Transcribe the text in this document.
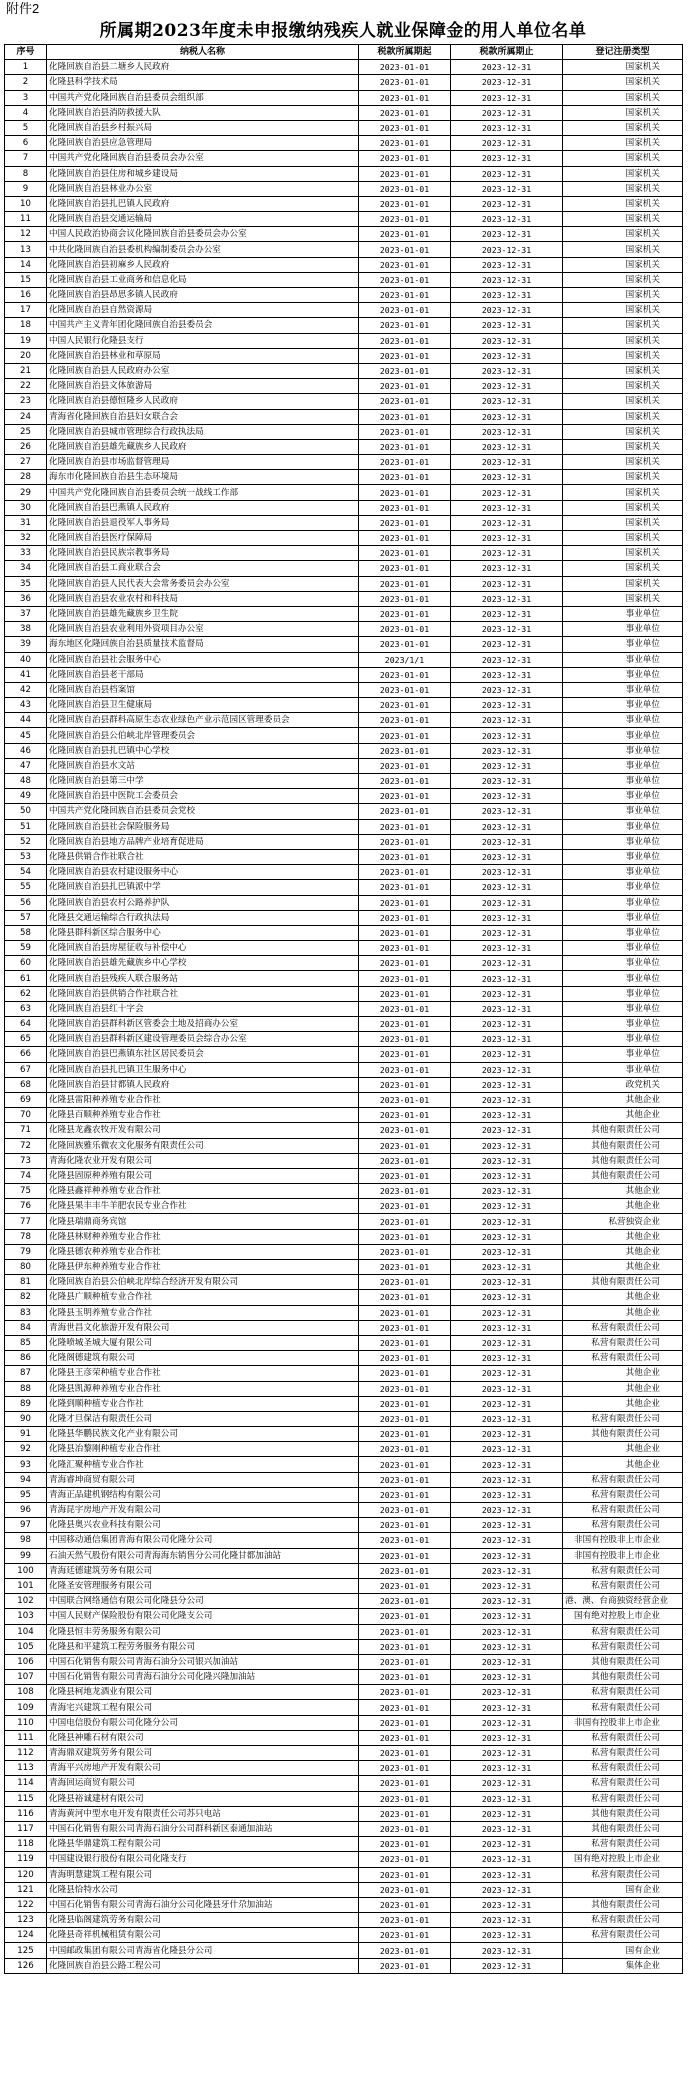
附件2
所属期2023年度未申报缴纳残疾人就业保障金的用人单位名单
序号	纳税人名称	税款所属期起	税款所属期止	登记注册类型
1	化隆回族自治县二塘乡人民政府	2023-01-01	2023-12-31	国家机关
2	化隆县科学技术局	2023-01-01	2023-12-31	国家机关
3	中国共产党化隆回族自治县委员会组织部	2023-01-01	2023-12-31	国家机关
4	化隆回族自治县消防救援大队	2023-01-01	2023-12-31	国家机关
5	化隆回族自治县乡村振兴局	2023-01-01	2023-12-31	国家机关
6	化隆回族自治县应急管理局	2023-01-01	2023-12-31	国家机关
7	中国共产党化隆回族自治县委员会办公室	2023-01-01	2023-12-31	国家机关
8	化隆回族自治县住房和城乡建设局	2023-01-01	2023-12-31	国家机关
9	化隆回族自治县林业办公室	2023-01-01	2023-12-31	国家机关
10	化隆回族自治县扎巴镇人民政府	2023-01-01	2023-12-31	国家机关
11	化隆回族自治县交通运输局	2023-01-01	2023-12-31	国家机关
12	中国人民政治协商会议化隆回族自治县委员会办公室	2023-01-01	2023-12-31	国家机关
13	中共化隆回族自治县委机构编制委员会办公室	2023-01-01	2023-12-31	国家机关
14	化隆回族自治县初麻乡人民政府	2023-01-01	2023-12-31	国家机关
15	化隆回族自治县工业商务和信息化局	2023-01-01	2023-12-31	国家机关
16	化隆回族自治县昂思多镇人民政府	2023-01-01	2023-12-31	国家机关
17	化隆回族自治县自然资源局	2023-01-01	2023-12-31	国家机关
18	中国共产主义青年团化隆回族自治县委员会	2023-01-01	2023-12-31	国家机关
19	中国人民银行化隆县支行	2023-01-01	2023-12-31	国家机关
20	化隆回族自治县林业和草原局	2023-01-01	2023-12-31	国家机关
21	化隆回族自治县人民政府办公室	2023-01-01	2023-12-31	国家机关
22	化隆回族自治县文体旅游局	2023-01-01	2023-12-31	国家机关
23	化隆回族自治县德恒隆乡人民政府	2023-01-01	2023-12-31	国家机关
24	青海省化隆回族自治县妇女联合会	2023-01-01	2023-12-31	国家机关
25	化隆回族自治县城市管理综合行政执法局	2023-01-01	2023-12-31	国家机关
26	化隆回族自治县雄先藏族乡人民政府	2023-01-01	2023-12-31	国家机关
27	化隆回族自治县市场监督管理局	2023-01-01	2023-12-31	国家机关
28	海东市化隆回族自治县生态环境局	2023-01-01	2023-12-31	国家机关
29	中国共产党化隆回族自治县委员会统一战线工作部	2023-01-01	2023-12-31	国家机关
30	化隆回族自治县巴燕镇人民政府	2023-01-01	2023-12-31	国家机关
31	化隆回族自治县退役军人事务局	2023-01-01	2023-12-31	国家机关
32	化隆回族自治县医疗保障局	2023-01-01	2023-12-31	国家机关
33	化隆回族自治县民族宗教事务局	2023-01-01	2023-12-31	国家机关
34	化隆回族自治县工商业联合会	2023-01-01	2023-12-31	国家机关
35	化隆回族自治县人民代表大会常务委员会办公室	2023-01-01	2023-12-31	国家机关
36	化隆回族自治县农业农村和科技局	2023-01-01	2023-12-31	国家机关
37	化隆回族自治县雄先藏族乡卫生院	2023-01-01	2023-12-31	事业单位
38	化隆回族自治县农业利用外资项目办公室	2023-01-01	2023-12-31	事业单位
39	海东地区化隆回族自治县质量技术监督局	2023-01-01	2023-12-31	事业单位
40	化隆回族自治县社会服务中心	2023/1/1	2023-12-31	事业单位
41	化隆回族自治县老干部局	2023-01-01	2023-12-31	事业单位
42	化隆回族自治县档案馆	2023-01-01	2023-12-31	事业单位
43	化隆回族自治县卫生健康局	2023-01-01	2023-12-31	事业单位
44	化隆回族自治县群科高原生态农业绿色产业示范园区管理委员会	2023-01-01	2023-12-31	事业单位
45	化隆回族自治县公伯峡北岸管理委员会	2023-01-01	2023-12-31	事业单位
46	化隆回族自治县扎巴镇中心学校	2023-01-01	2023-12-31	事业单位
47	化隆回族自治县水文站	2023-01-01	2023-12-31	事业单位
48	化隆回族自治县第三中学	2023-01-01	2023-12-31	事业单位
49	化隆回族自治县中医院工会委员会	2023-01-01	2023-12-31	事业单位
50	中国共产党化隆回族自治县委员会党校	2023-01-01	2023-12-31	事业单位
51	化隆回族自治县社会保险服务局	2023-01-01	2023-12-31	事业单位
52	化隆回族自治县地方品牌产业培育促进局	2023-01-01	2023-12-31	事业单位
53	化隆县供销合作社联合社	2023-01-01	2023-12-31	事业单位
54	化隆回族自治县农村建设服务中心	2023-01-01	2023-12-31	事业单位
55	化隆回族自治县扎巴镇派中学	2023-01-01	2023-12-31	事业单位
56	化隆回族自治县农村公路养护队	2023-01-01	2023-12-31	事业单位
57	化隆县交通运输综合行政执法局	2023-01-01	2023-12-31	事业单位
58	化隆县群科新区综合服务中心	2023-01-01	2023-12-31	事业单位
59	化隆回族自治县房屋征收与补偿中心	2023-01-01	2023-12-31	事业单位
60	化隆回族自治县雄先藏族乡中心学校	2023-01-01	2023-12-31	事业单位
61	化隆回族自治县残疾人联合服务站	2023-01-01	2023-12-31	事业单位
62	化隆回族自治县供销合作社联合社	2023-01-01	2023-12-31	事业单位
63	化隆回族自治县红十字会	2023-01-01	2023-12-31	事业单位
64	化隆回族自治县群科新区管委会土地及招商办公室	2023-01-01	2023-12-31	事业单位
65	化隆回族自治县群科新区建设管理委员会综合办公室	2023-01-01	2023-12-31	事业单位
66	化隆回族自治县巴燕镇东社区居民委员会	2023-01-01	2023-12-31	事业单位
67	化隆回族自治县扎巴镇卫生服务中心	2023-01-01	2023-12-31	事业单位
68	化隆回族自治县甘都镇人民政府	2023-01-01	2023-12-31	政党机关
69	化隆县雷阳种养殖专业合作社	2023-01-01	2023-12-31	其他企业
70	化隆县百顺种养殖专业合作社	2023-01-01	2023-12-31	其他企业
71	化隆县龙鑫农牧开发有限公司	2023-01-01	2023-12-31	其他有限责任公司
72	化隆回族雅乐微农文化服务有限责任公司	2023-01-01	2023-12-31	其他有限责任公司
73	青海化隆农业开发有限公司	2023-01-01	2023-12-31	其他有限责任公司
74	化隆县固原种养殖有限公司	2023-01-01	2023-12-31	其他有限责任公司
75	化隆县鑫祥种养殖专业合作社	2023-01-01	2023-12-31	其他企业
76	化隆县果丰丰牛羊肥农民专业合作社	2023-01-01	2023-12-31	其他企业
77	化隆县瑞鼎商务宾馆	2023-01-01	2023-12-31	私营独资企业
78	化隆县林财种养殖专业合作社	2023-01-01	2023-12-31	其他企业
79	化隆县德农种养殖专业合作社	2023-01-01	2023-12-31	其他企业
80	化隆县伊东种养殖专业合作社	2023-01-01	2023-12-31	其他企业
81	化隆回族自治县公伯峡北岸综合经济开发有限公司	2023-01-01	2023-12-31	其他有限责任公司
82	化隆县广顺种植专业合作社	2023-01-01	2023-12-31	其他企业
83	化隆县玉明养殖专业合作社	2023-01-01	2023-12-31	其他企业
84	青海世昌文化旅游开发有限公司	2023-01-01	2023-12-31	私营有限责任公司
85	化隆喷城圣城大厦有限公司	2023-01-01	2023-12-31	私营有限责任公司
86	化隆阁德建筑有限公司	2023-01-01	2023-12-31	私营有限责任公司
87	化隆县王彦荣种植专业合作社	2023-01-01	2023-12-31	其他企业
88	化隆县凯源种养殖专业合作社	2023-01-01	2023-12-31	其他企业
89	化隆到顺种植专业合作社	2023-01-01	2023-12-31	其他企业
90	化隆才旦保洁有限责任公司	2023-01-01	2023-12-31	私营有限责任公司
91	化隆县华鹏民族文化产业有限公司	2023-01-01	2023-12-31	其他有限责任公司
92	化隆县冶黎刚种植专业合作社	2023-01-01	2023-12-31	其他企业
93	化隆汇聚种植专业合作社	2023-01-01	2023-12-31	其他企业
94	青海睿坤商贸有限公司	2023-01-01	2023-12-31	私营有限责任公司
95	青海正品建机钢结构有限公司	2023-01-01	2023-12-31	私营有限责任公司
96	青海昆宇房地产开发有限公司	2023-01-01	2023-12-31	私营有限责任公司
97	化隆县奥兴农业科技有限公司	2023-01-01	2023-12-31	私营有限责任公司
98	中国移动通信集团青海有限公司化隆分公司	2023-01-01	2023-12-31	非国有控股非上市企业
99	石油天然气股份有限公司青海海东销售分公司化隆甘都加油站	2023-01-01	2023-12-31	非国有控股非上市企业
100	青海廷德建筑劳务有限公司	2023-01-01	2023-12-31	私营有限责任公司
101	化隆圣安管理服务有限公司	2023-01-01	2023-12-31	私营有限责任公司
102	中国联合网络通信有限公司化隆县分公司	2023-01-01	2023-12-31	港、澳、台商独资经营企业
103	中国人民财产保险股份有限公司化隆支公司	2023-01-01	2023-12-31	国有绝对控股上市企业
104	化隆县恒丰劳务服务有限公司	2023-01-01	2023-12-31	私营有限责任公司
105	化隆县和平建筑工程劳务服务有限公司	2023-01-01	2023-12-31	私营有限责任公司
106	中国石化销售有限公司青海石油分公司银兴加油站	2023-01-01	2023-12-31	其他有限责任公司
107	中国石化销售有限公司青海石油分公司化隆兴隆加油站	2023-01-01	2023-12-31	其他有限责任公司
108	化隆县柯地龙酒业有限公司	2023-01-01	2023-12-31	私营有限责任公司
109	青海宅兴建筑工程有限公司	2023-01-01	2023-12-31	私营有限责任公司
110	中国电信股份有限公司化隆分公司	2023-01-01	2023-12-31	非国有控股非上市企业
111	化隆县神雕石材有限公司	2023-01-01	2023-12-31	私营有限责任公司
112	青海鼎双建筑劳务有限公司	2023-01-01	2023-12-31	私营有限责任公司
113	青海平兴房地产开发有限公司	2023-01-01	2023-12-31	私营有限责任公司
114	青海回运商贸有限公司	2023-01-01	2023-12-31	私营有限责任公司
115	化隆县裕诚建材有限公司	2023-01-01	2023-12-31	私营有限责任公司
116	青海黄河中型水电开发有限责任公司苏只电站	2023-01-01	2023-12-31	其他有限责任公司
117	中国石化销售有限公司青海石油分公司群科新区泰通加油站	2023-01-01	2023-12-31	其他有限责任公司
118	化隆县华鼎建筑工程有限公司	2023-01-01	2023-12-31	私营有限责任公司
119	中国建设银行股份有限公司化隆支行	2023-01-01	2023-12-31	国有绝对控股上市企业
120	青海明慧建筑工程有限公司	2023-01-01	2023-12-31	私营有限责任公司
121	化隆县恰特水公司	2023-01-01	2023-12-31	国有企业
122	中国石化销售有限公司青海石油分公司化隆县牙什尕加油站	2023-01-01	2023-12-31	其他有限责任公司
123	化隆县临阁建筑劳务有限公司	2023-01-01	2023-12-31	私营有限责任公司
124	化隆县奇祥机械租赁有限公司	2023-01-01	2023-12-31	私营有限责任公司
125	中国邮政集团有限公司青海省化隆县分公司	2023-01-01	2023-12-31	国有企业
126	化隆回族自治县公路工程公司	2023-01-01	2023-12-31	集体企业
